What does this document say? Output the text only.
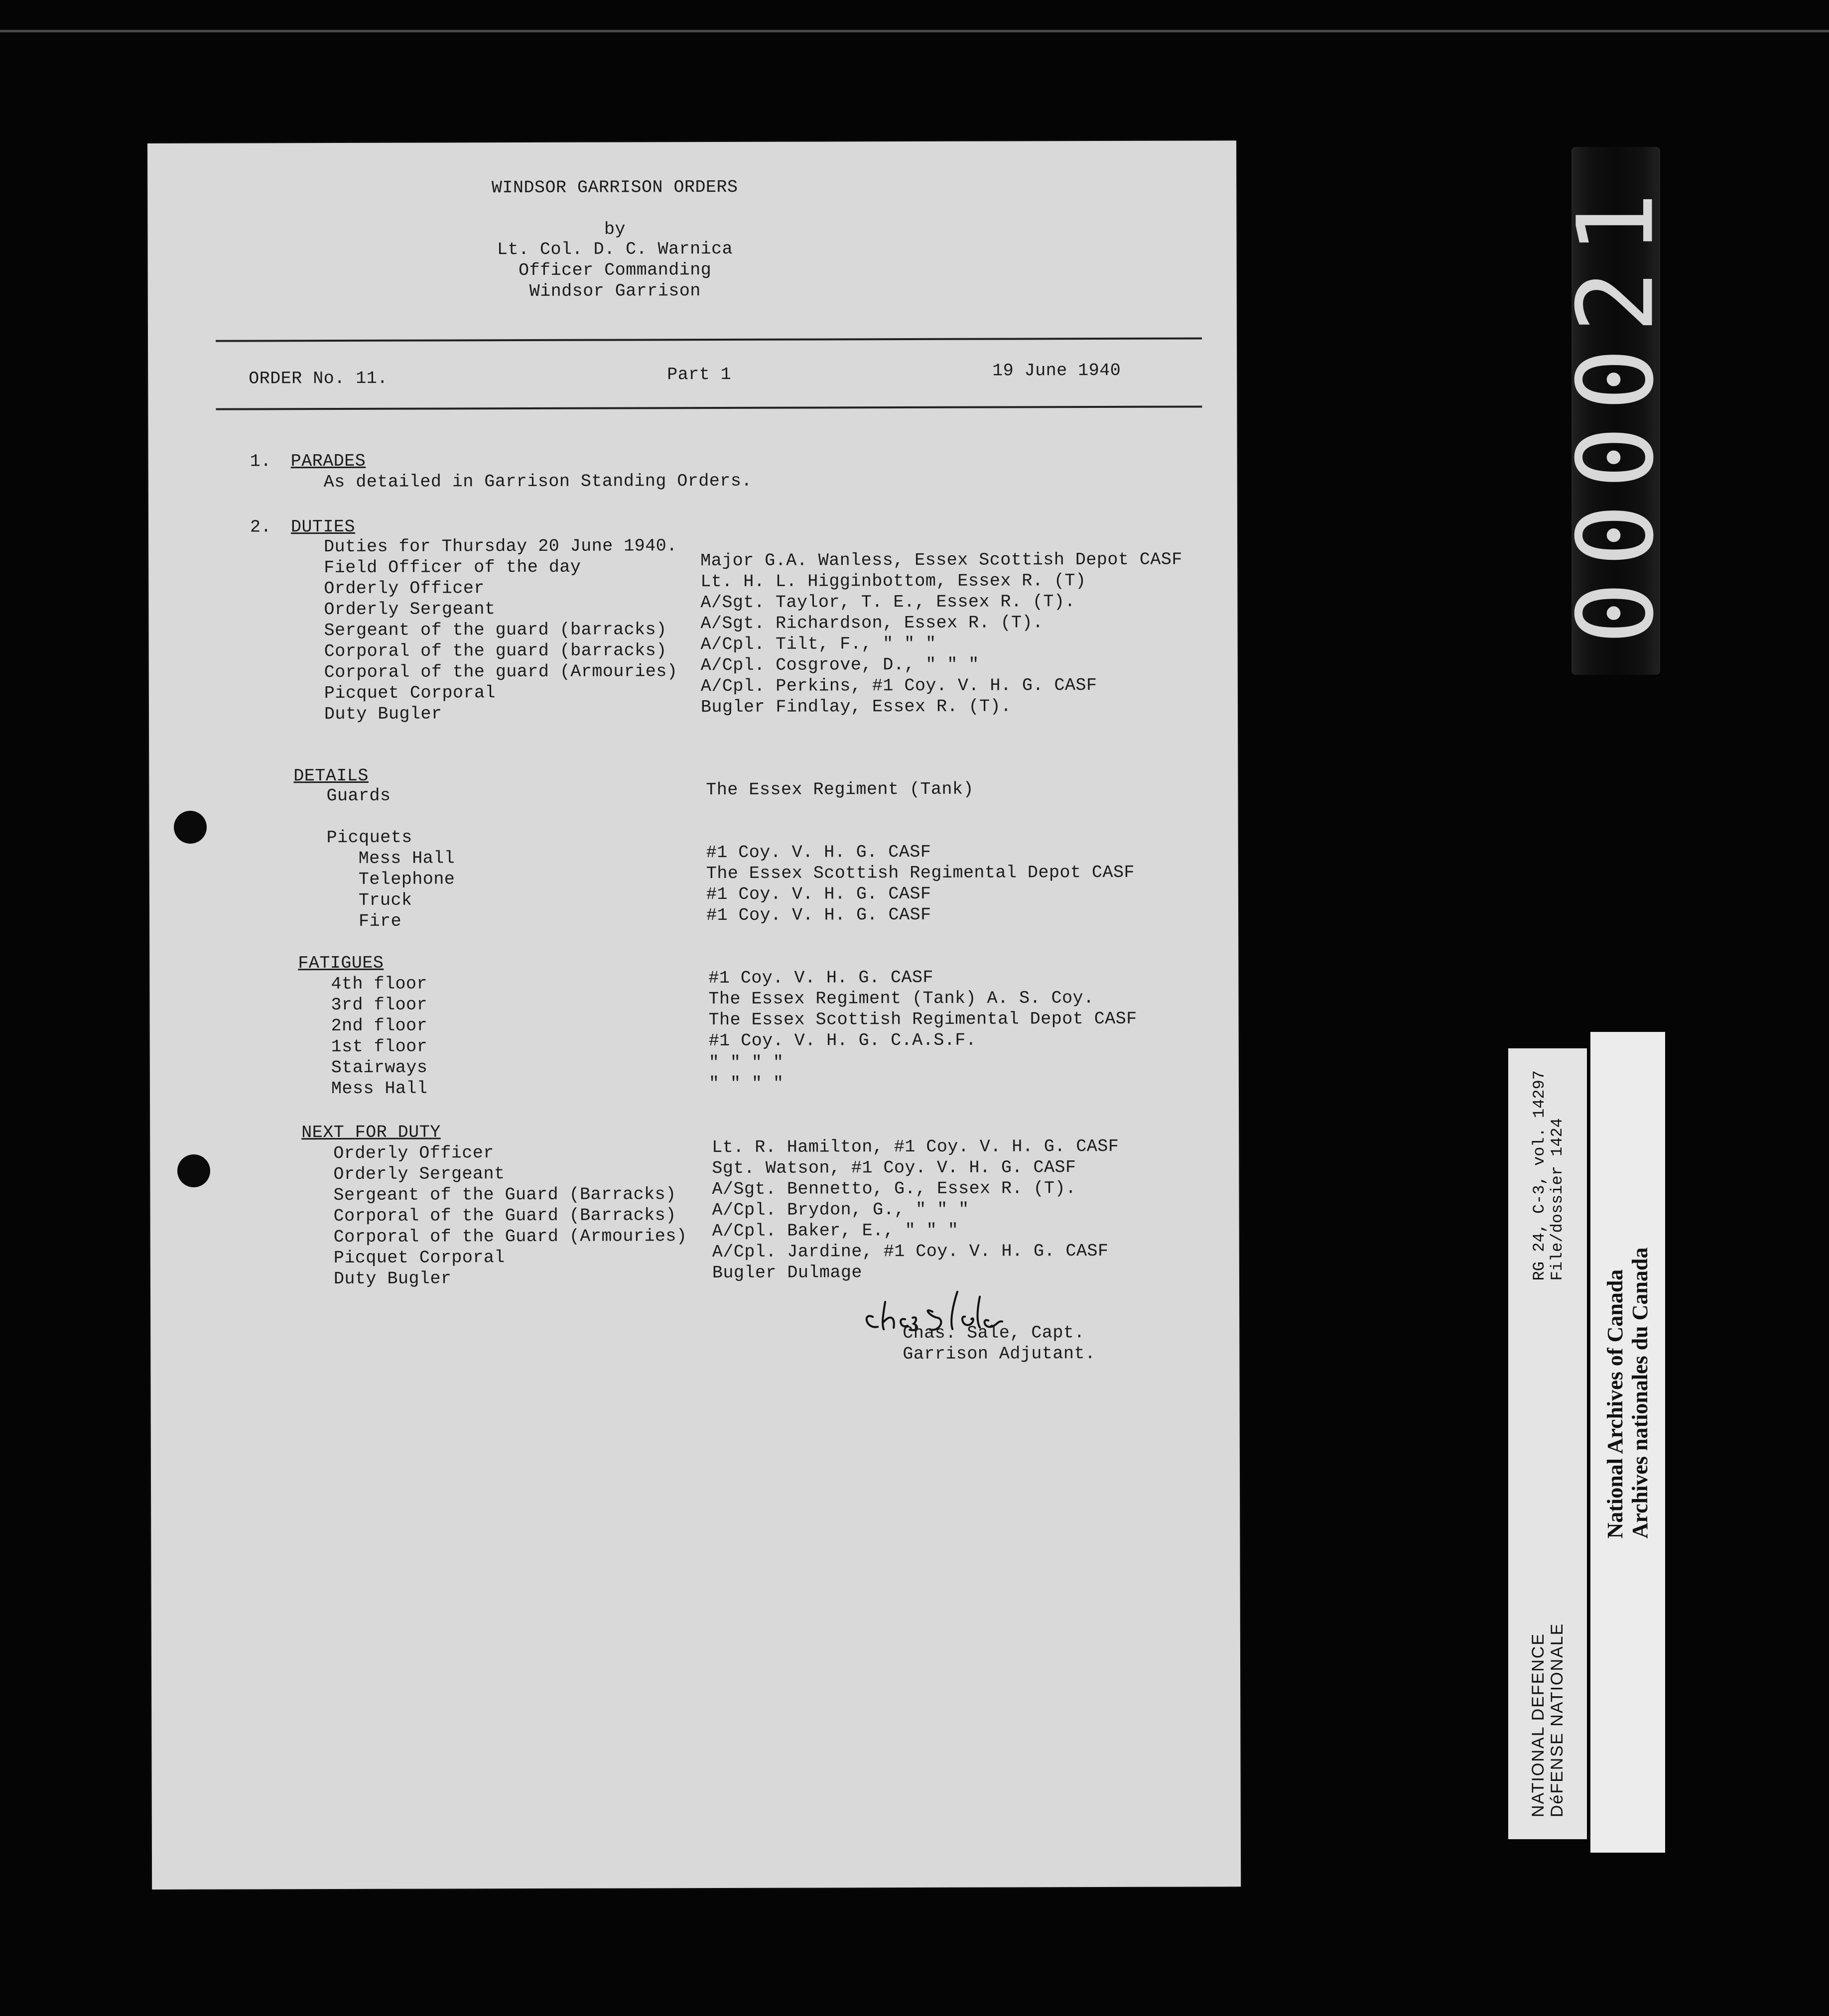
WINDSOR GARRISON ORDERS
by
Lt. Col. D. C. Warnica
Officer Commanding
Windsor Garrison
ORDER No. 11.	Part 1	19 June 1940
1. PARADES
As detailed in Garrison Standing Orders.
2. DUTIES
Duties for Thursday 20 June 1940.
Field Officer of the day	Major G.A. Wanless, Essex Scottish Depot CASF
Orderly Officer	Lt. H. L. Higginbottom, Essex R. (T)
Orderly Sergeant	A/Sgt. Taylor, T. E., Essex R. (T).
Sergeant of the guard (barracks) A/Sgt. Richardson, Essex R. (T).
Corporal of the guard (barracks) A/Cpl. Tilt, F., " " "
Corporal of the guard (Armouries) A/Cpl. Cosgrove, D., " " "
Picquet Corporal	A/Cpl. Perkins, #1 Coy. V. H. G. CASF
Duty Bugler	Bugler Findlay, Essex R. (T).
DETAILS
Guards	The Essex Regiment (Tank)
Picquets
Mess Hall	#1 Coy. V. H. G. CASF
Telephone	The Essex Scottish Regimental Depot CASF
Truck	#1 Coy. V. H. G. CASF
Fire	#1 Coy. V. H. G. CASF
FATIGUES
4th floor	#1 Coy. V. H. G. CASF
3rd floor	The Essex Regiment (Tank) A. S. Coy.
2nd floor	The Essex Scottish Regimental Depot CASF
1st floor	#1 Coy. V. H. G. C.A.S.F.
Stairways	" " " "
Mess Hall	" " " "
NEXT FOR DUTY
Orderly Officer	Lt. R. Hamilton, #1 Coy. V. H. G. CASF
Orderly Sergeant	Sgt. Watson, #1 Coy. V. H. G. CASF
Sergeant of the Guard (Barracks) A/Sgt. Bennetto, G., Essex R. (T).
Corporal of the Guard (Barracks) A/Cpl. Brydon, G., " " "
Corporal of the Guard (Armouries) A/Cpl. Baker, E., " " "
Picquet Corporal	A/Cpl. Jardine, #1 Coy. V. H. G. CASF
Duty Bugler	Bugler Dulmage
Chas. Sale, Capt.
Garrison Adjutant.
000021
NATIONAL DEFENCE DéFENSE NATIONALE
RG 24, C-3, vol. 14297 File/dossier 1424
National Archives of Canada Archives nationales du Canada
